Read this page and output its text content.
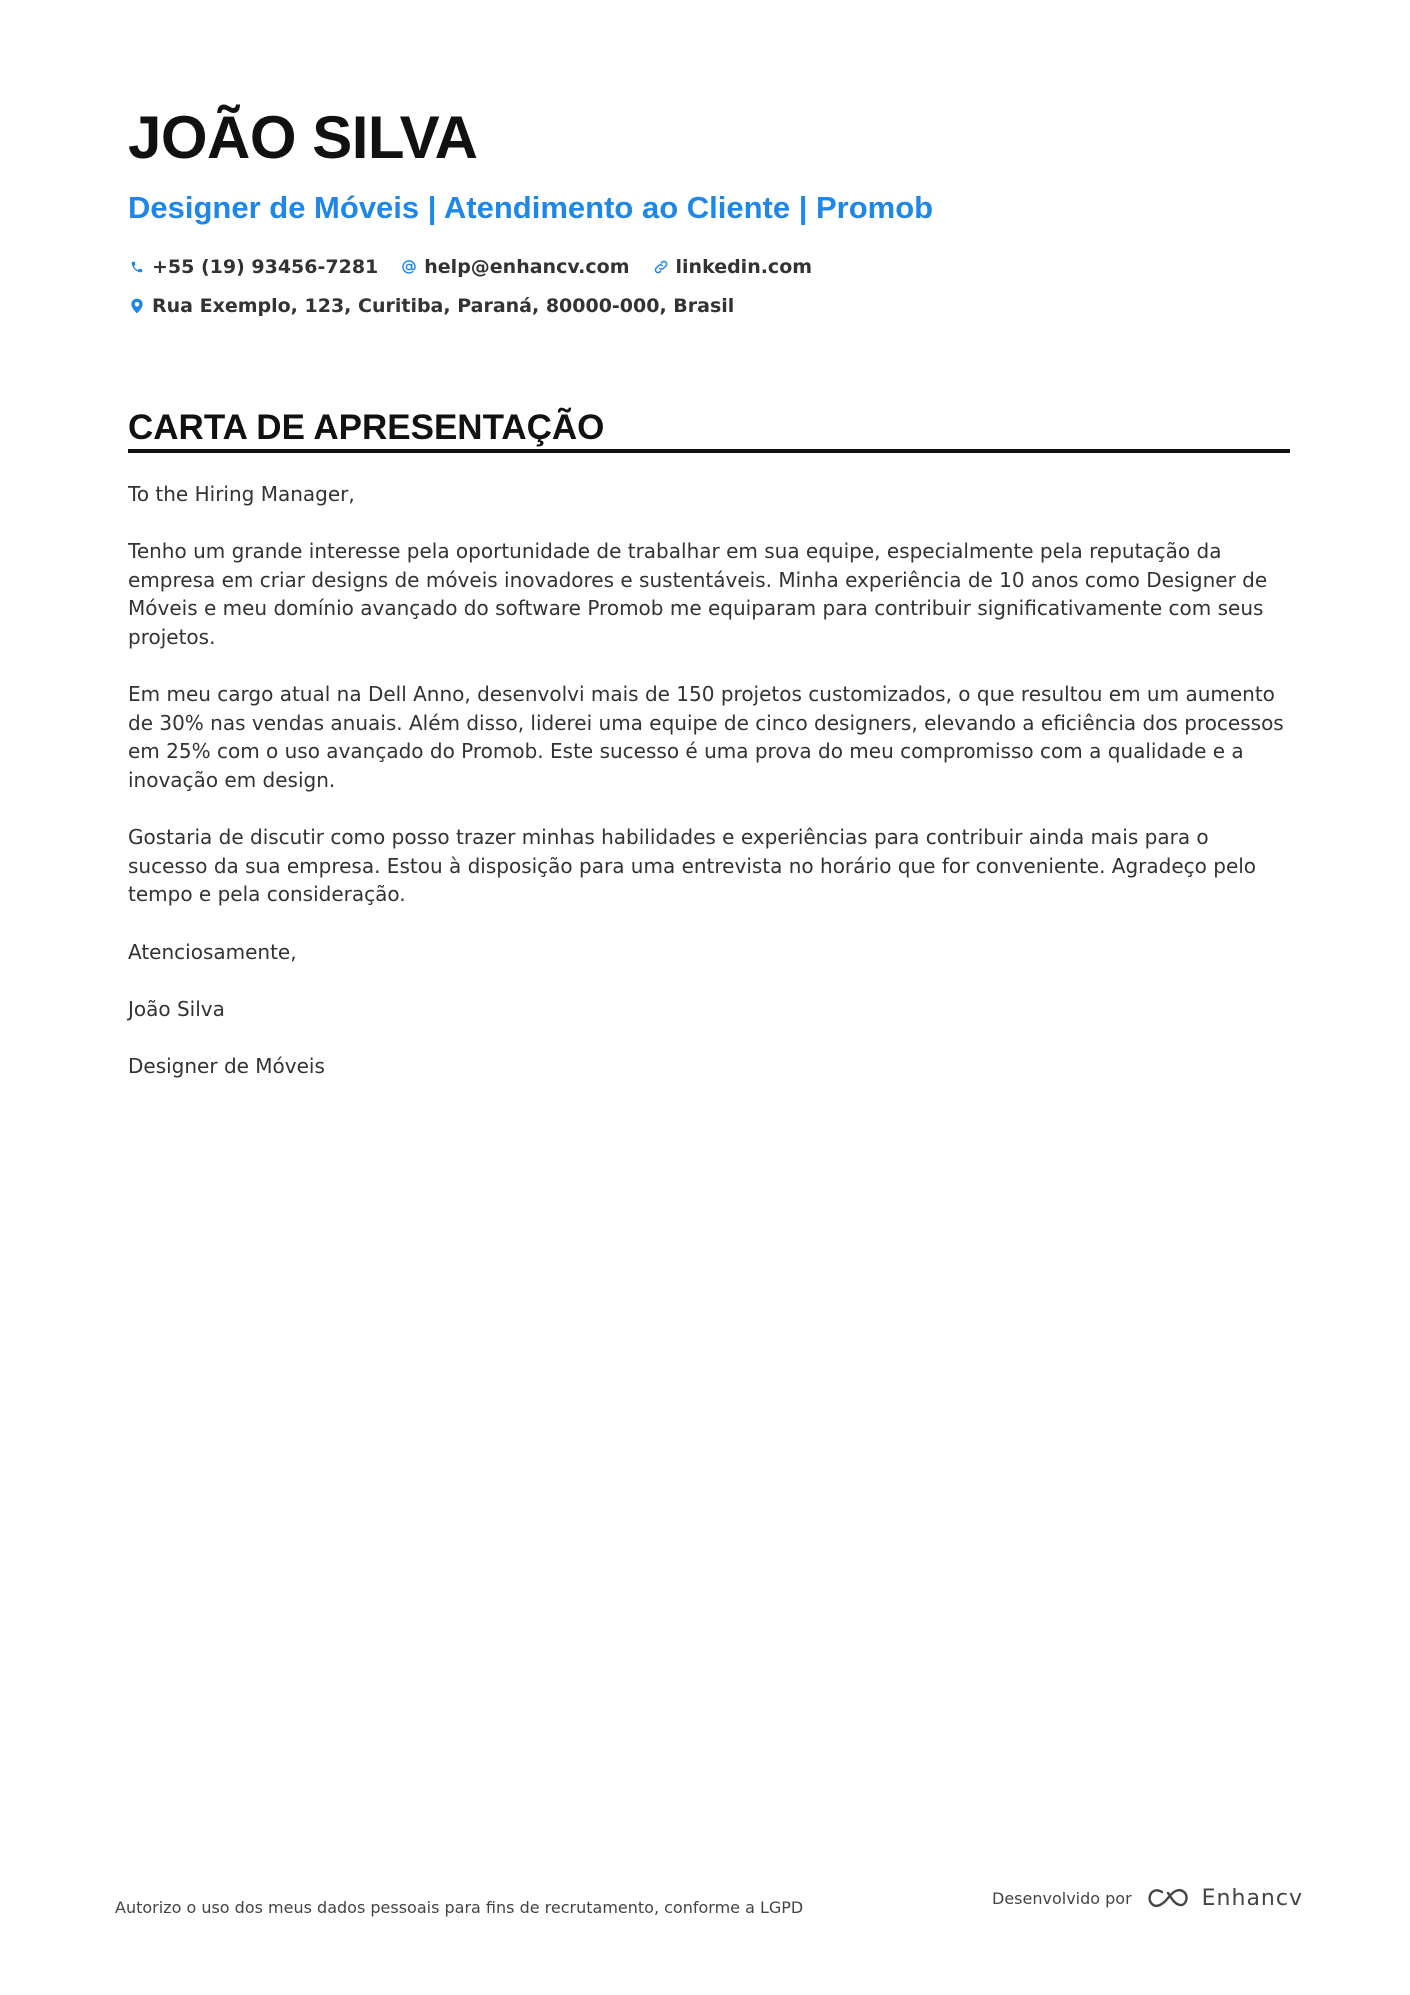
JOÃO SILVA
Designer de Móveis | Atendimento ao Cliente | Promob
+55 (19) 93456-7281 help@enhancv.com linkedin.com
Rua Exemplo, 123, Curitiba, Paraná, 80000-000, Brasil
CARTA DE APRESENTAÇÃO

To the Hiring Manager,

Tenho um grande interesse pela oportunidade de trabalhar em sua equipe, especialmente pela reputação da empresa em criar designs de móveis inovadores e sustentáveis. Minha experiência de 10 anos como Designer de Móveis e meu domínio avançado do software Promob me equiparam para contribuir significativamente com seus projetos.

Em meu cargo atual na Dell Anno, desenvolvi mais de 150 projetos customizados, o que resultou em um aumento de 30% nas vendas anuais. Além disso, liderei uma equipe de cinco designers, elevando a eficiência dos processos em 25% com o uso avançado do Promob. Este sucesso é uma prova do meu compromisso com a qualidade e a inovação em design.

Gostaria de discutir como posso trazer minhas habilidades e experiências para contribuir ainda mais para o sucesso da sua empresa. Estou à disposição para uma entrevista no horário que for conveniente. Agradeço pelo tempo e pela consideração.

Atenciosamente,

João Silva

Designer de Móveis

Autorizo o uso dos meus dados pessoais para fins de recrutamento, conforme a LGPD	Desenvolvido por	Enhancv
